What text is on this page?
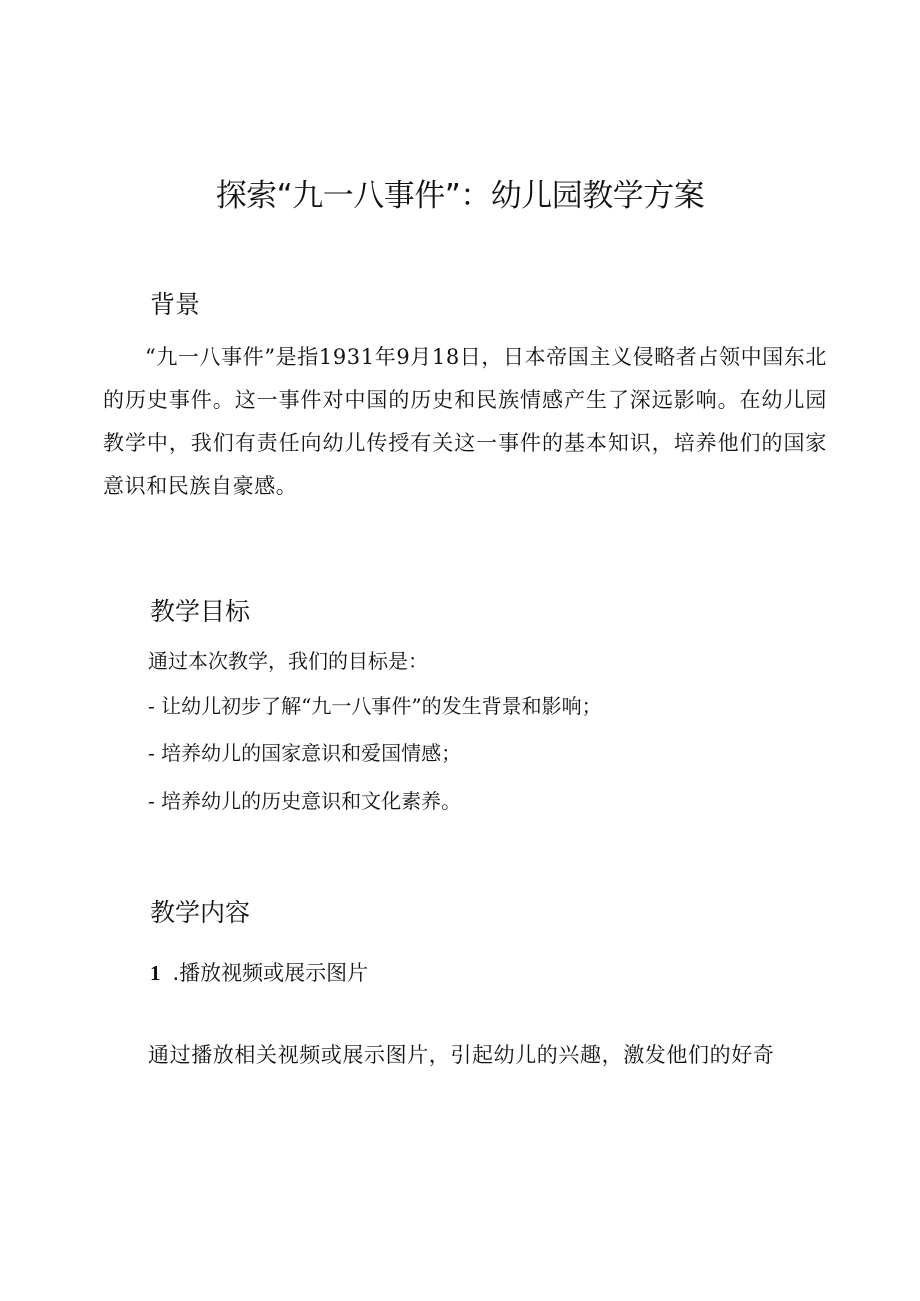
探索“九一八事件”：幼儿园教学方案
背景
“九一八事件”是指1931年9月18日，日本帝国主义侵略者占领中国东北的历史事件。这一事件对中国的历史和民族情感产生了深远影响。在幼儿园教学中，我们有责任向幼儿传授有关这一事件的基本知识，培养他们的国家意识和民族自豪感。
教学目标
通过本次教学，我们的目标是：
- 让幼儿初步了解“九一八事件”的发生背景和影响；
- 培养幼儿的国家意识和爱国情感；
- 培养幼儿的历史意识和文化素养。
教学内容
1 .播放视频或展示图片
通过播放相关视频或展示图片，引起幼儿的兴趣，激发他们的好奇
